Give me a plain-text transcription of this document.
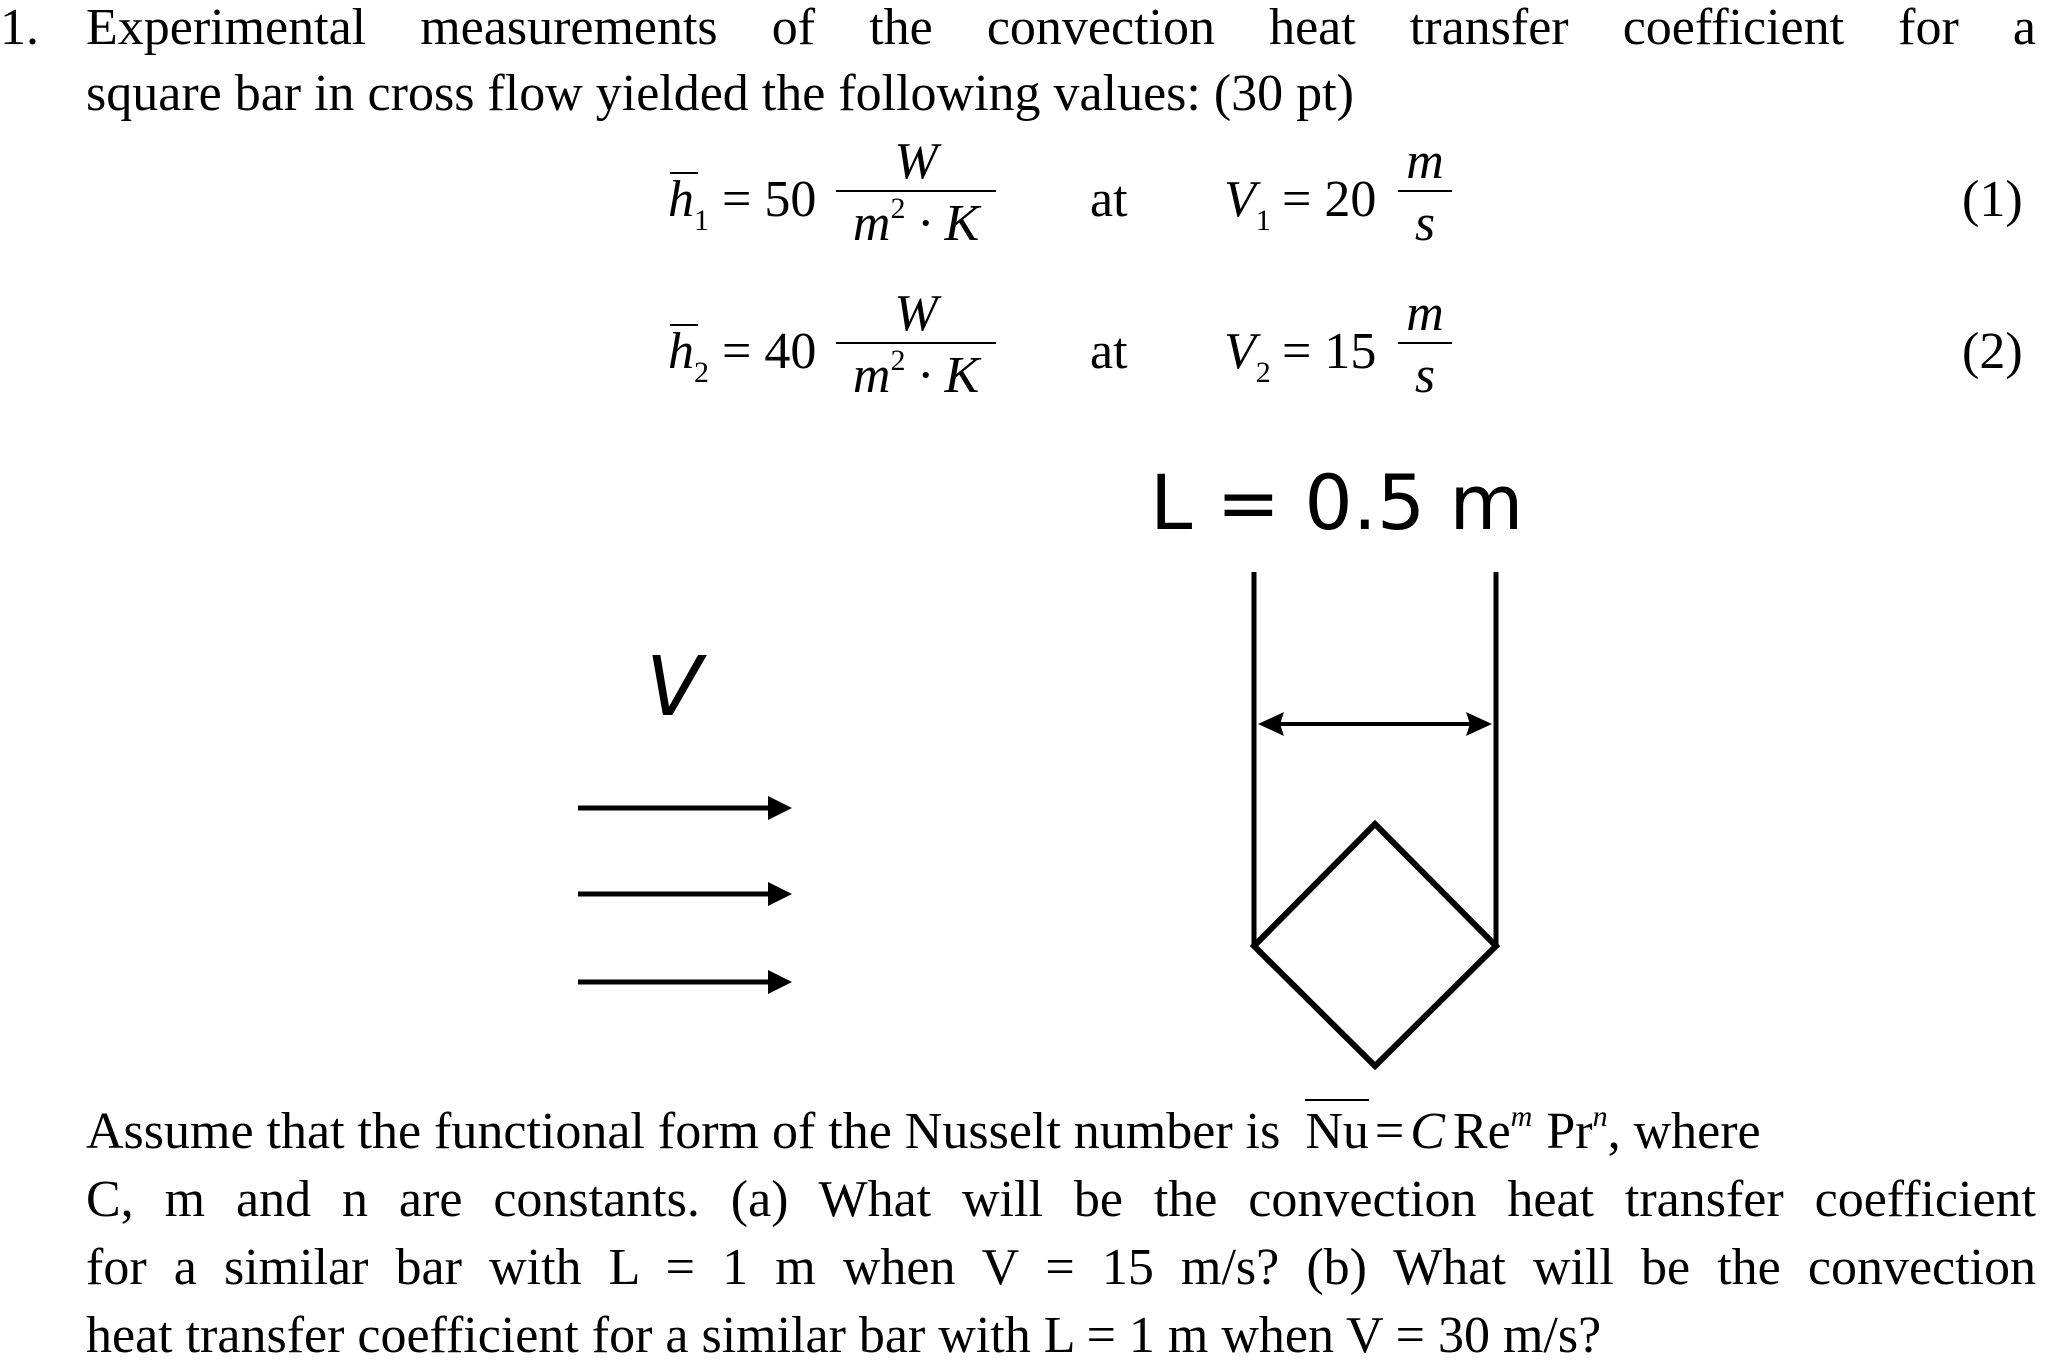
1. Experimental measurements of the convection heat transfer coefficient for a
square bar in cross flow yielded the following values: (30 pt)
$h_1 = 50 \frac{W}{m^2 \cdot K}$ at $V_1 = 20 \frac{m}{s}$	(1)
$h_2 = 40 \frac{W}{m^2 \cdot K}$ at $V_2 = 15 \frac{m}{s}$	(2)
L = 0.5 m
V
Assume that the functional form of the Nusselt number is Nu = C Re$^m$ Pr$^n$, where
C, m and n are constants. (a) What will be the convection heat transfer coefficient
for a similar bar with L = 1 m when V = 15 m/s? (b) What will be the convection
heat transfer coefficient for a similar bar with L = 1 m when V = 30 m/s?
